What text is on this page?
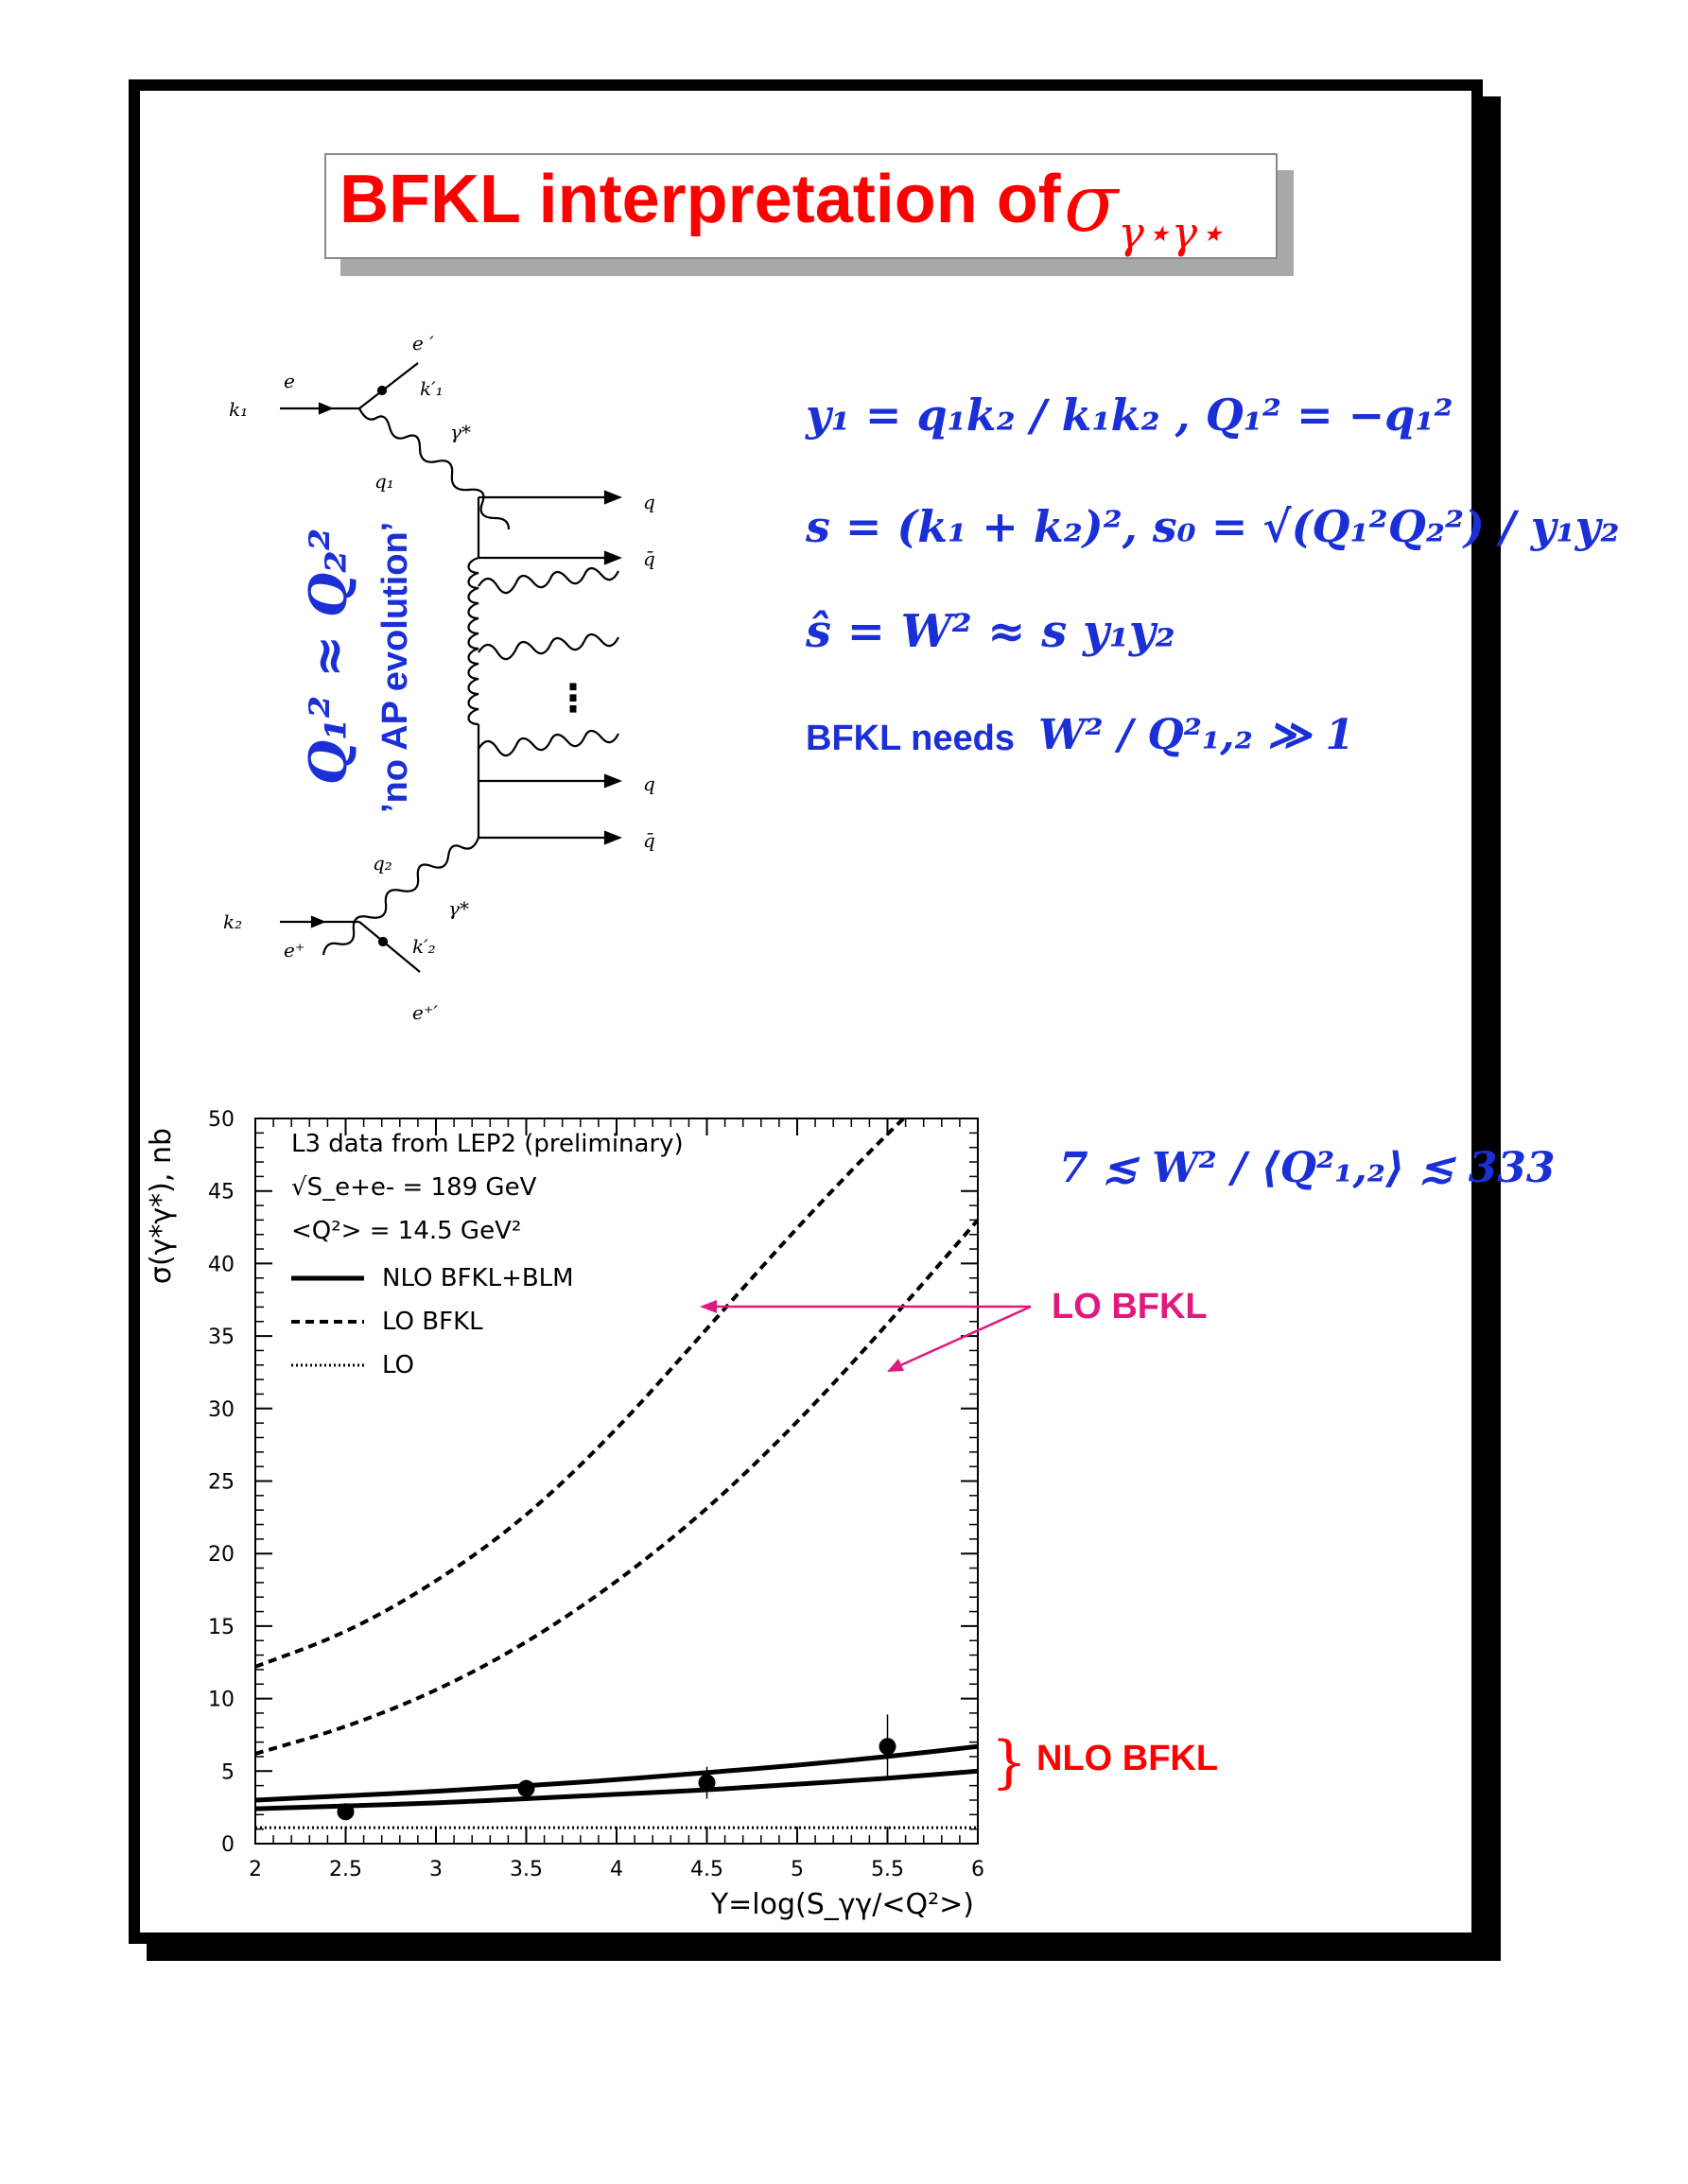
BFKL interpretation of $\sigma_{\gamma⋆\gamma⋆}$
k₁
e
e ′
k′₁
γ*
q₁
q
q̄
q
q̄
q₂
γ*
k₂
e⁺	k′₂
e⁺′
⋮
Q₁² ≈ Q₂² ’no AP evolution’
y₁ = q₁k₂ / k₁k₂ , Q₁² = −q₁²
s = (k₁ + k₂)², s₀ = √(Q₁²Q₂²) / y₁y₂
ŝ = W² ≈ s y₁y₂
BFKL needs W² / Q²₁,₂ ≫ 1
7 ≲ W² / ⟨Q²₁,₂⟩ ≲ 333
0
5
10
15
20
25
30
35
40
45
50
2	2.5	3	3.5	4	4.5	5	5.5	6
Y=log(S_γγ/<Q²>)
σ(γ*γ*), nb	L3 data from LEP2 (preliminary)
√S_e+e- = 189 GeV
<Q²> = 14.5 GeV²
NLO BFKL+BLM
LO BFKL
LO
LO BFKL
} NLO BFKL
